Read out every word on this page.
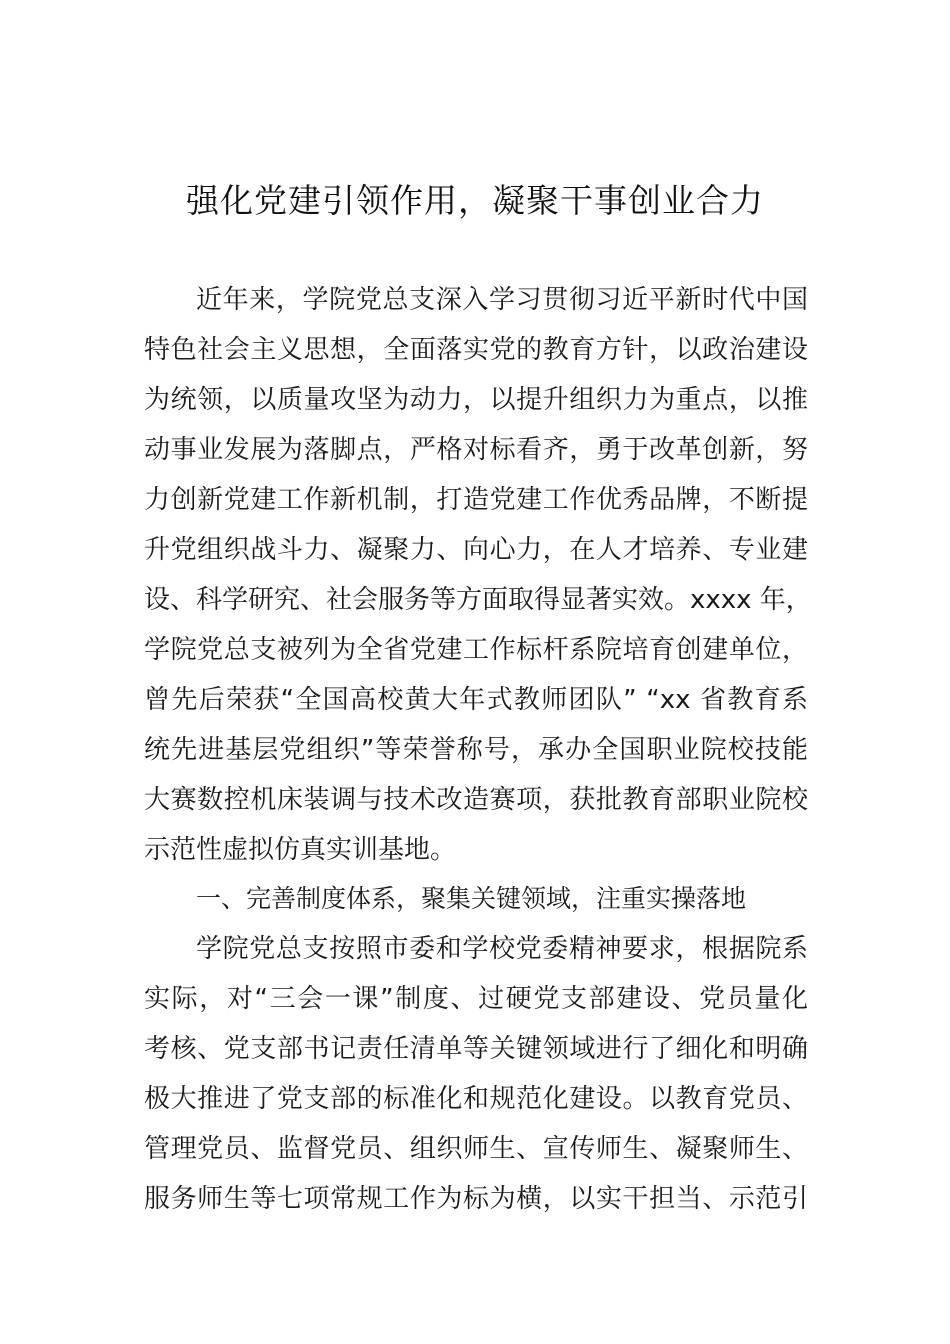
强化党建引领作用，凝聚干事创业合力

近年来，学院党总支深入学习贯彻习近平新时代中国

特色社会主义思想，全面落实党的教育方针，以政治建设

为统领，以质量攻坚为动力，以提升组织力为重点，以推

动事业发展为落脚点，严格对标看齐，勇于改革创新，努

力创新党建工作新机制，打造党建工作优秀品牌，不断提

升党组织战斗力、凝聚力、向心力，在人才培养、专业建

设、科学研究、社会服务等方面取得显著实效。xxxx 年，

学院党总支被列为全省党建工作标杆系院培育创建单位，

曾先后荣获“全国高校黄大年式教师团队” “xx 省教育系

统先进基层党组织”等荣誉称号，承办全国职业院校技能

大赛数控机床装调与技术改造赛项，获批教育部职业院校

示范性虚拟仿真实训基地。

一、完善制度体系，聚集关键领域，注重实操落地

学院党总支按照市委和学校党委精神要求，根据院系

实际，对“三会一课”制度、过硬党支部建设、党员量化

考核、党支部书记责任清单等关键领域进行了细化和明确

极大推进了党支部的标准化和规范化建设。以教育党员、

管理党员、监督党员、组织师生、宣传师生、凝聚师生、

服务师生等七项常规工作为标为横，以实干担当、示范引
